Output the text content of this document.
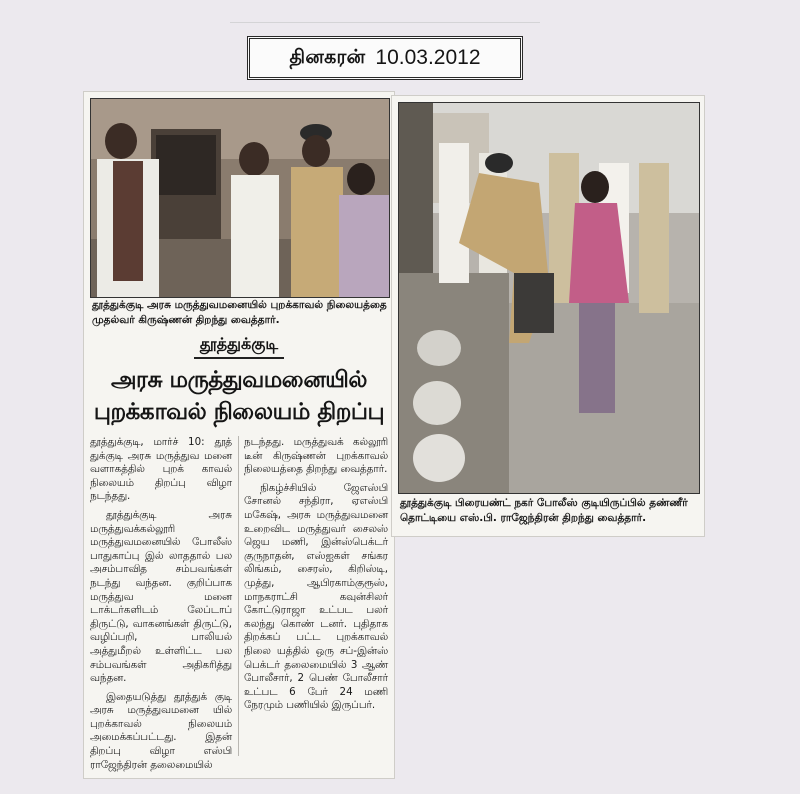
தினகரன் 10.03.2012
தூத்துக்குடி அரசு மருத்துவமனையில் புறக்காவல் நிலையத்தை முதல்வர் கிருஷ்ணன் திறந்து வைத்தார்.
தூத்துக்குடி
அரசு மருத்துவமனையில்
புறக்காவல் நிலையம் திறப்பு

தூத்துக்குடி, மார்ச் 10: தூத் துக்குடி அரசு மருத்துவ மனை வளாகத்தில் புறக் காவல் நிலையம் திறப்பு விழா நடந்தது.

தூத்துக்குடி அரசு மருத்துவக்கல்லூரி மருத்துவமனையில் போலீஸ் பாதுகாப்பு இல் லாததால் பல அசம்பாவித சம்பவங்கள் நடந்து வந்தன. குறிப்பாக மருத்துவ மனை டாக்டர்களிடம் லேப்டாப் திருட்டு, வாகனங்கள் திருட்டு, வழிப்பறி, பாலியல் அத்துமீறல் உள்ளிட்ட பல சம்பவங்கள் அதிகரித்து வந்தன.

இதையடுத்து தூத்துக் குடி அரசு மருத்துவமனை யில் புறக்காவல் நிலையம் அமைக்கப்பட்டது. இதன் திறப்பு விழா எஸ்பி ராஜேந்திரன் தலைமையில்

நடந்தது. மருத்துவக் கல்லூரி டீன் கிருஷ்ணன் புறக்காவல் நிலையத்தை திறந்து வைத்தார்.

நிகழ்ச்சியில் ஜேஎஸ்பி சோனல் சந்திரா, ஏஎஸ்பி மகேஷ், அரசு மருத்துவமனை உறைவிட மருத்துவர் சைலஸ் ஜெய மணி, இன்ஸ்பெக்டர் குருநாதன், எஸ்ஐகள் சங்கர லிங்கம், சைரஸ், கிறிஸ்டி, முத்து, ஆபிரகாம்குரூஸ், மாநகராட்சி கவுன்சிலர் கோட்டுராஜா உட்பட பலர் கலந்து கொண் டனர். புதிதாக திறக்கப் பட்ட புறக்காவல் நிலை யத்தில் ஒரு சப்-இன்ஸ் பெக்டர் தலைமையில் 3 ஆண் போலீசார், 2 பெண் போலீசார் உட்பட 6 பேர் 24 மணி நேரமும் பணியில் இருப்பர்.

தூத்துக்குடி பிரையண்ட் நகர் போலீஸ் குடியிருப்பில் தண்ணீர் தொட்டியை எஸ்.பி. ராஜேந்திரன் திறந்து வைத்தார்.
